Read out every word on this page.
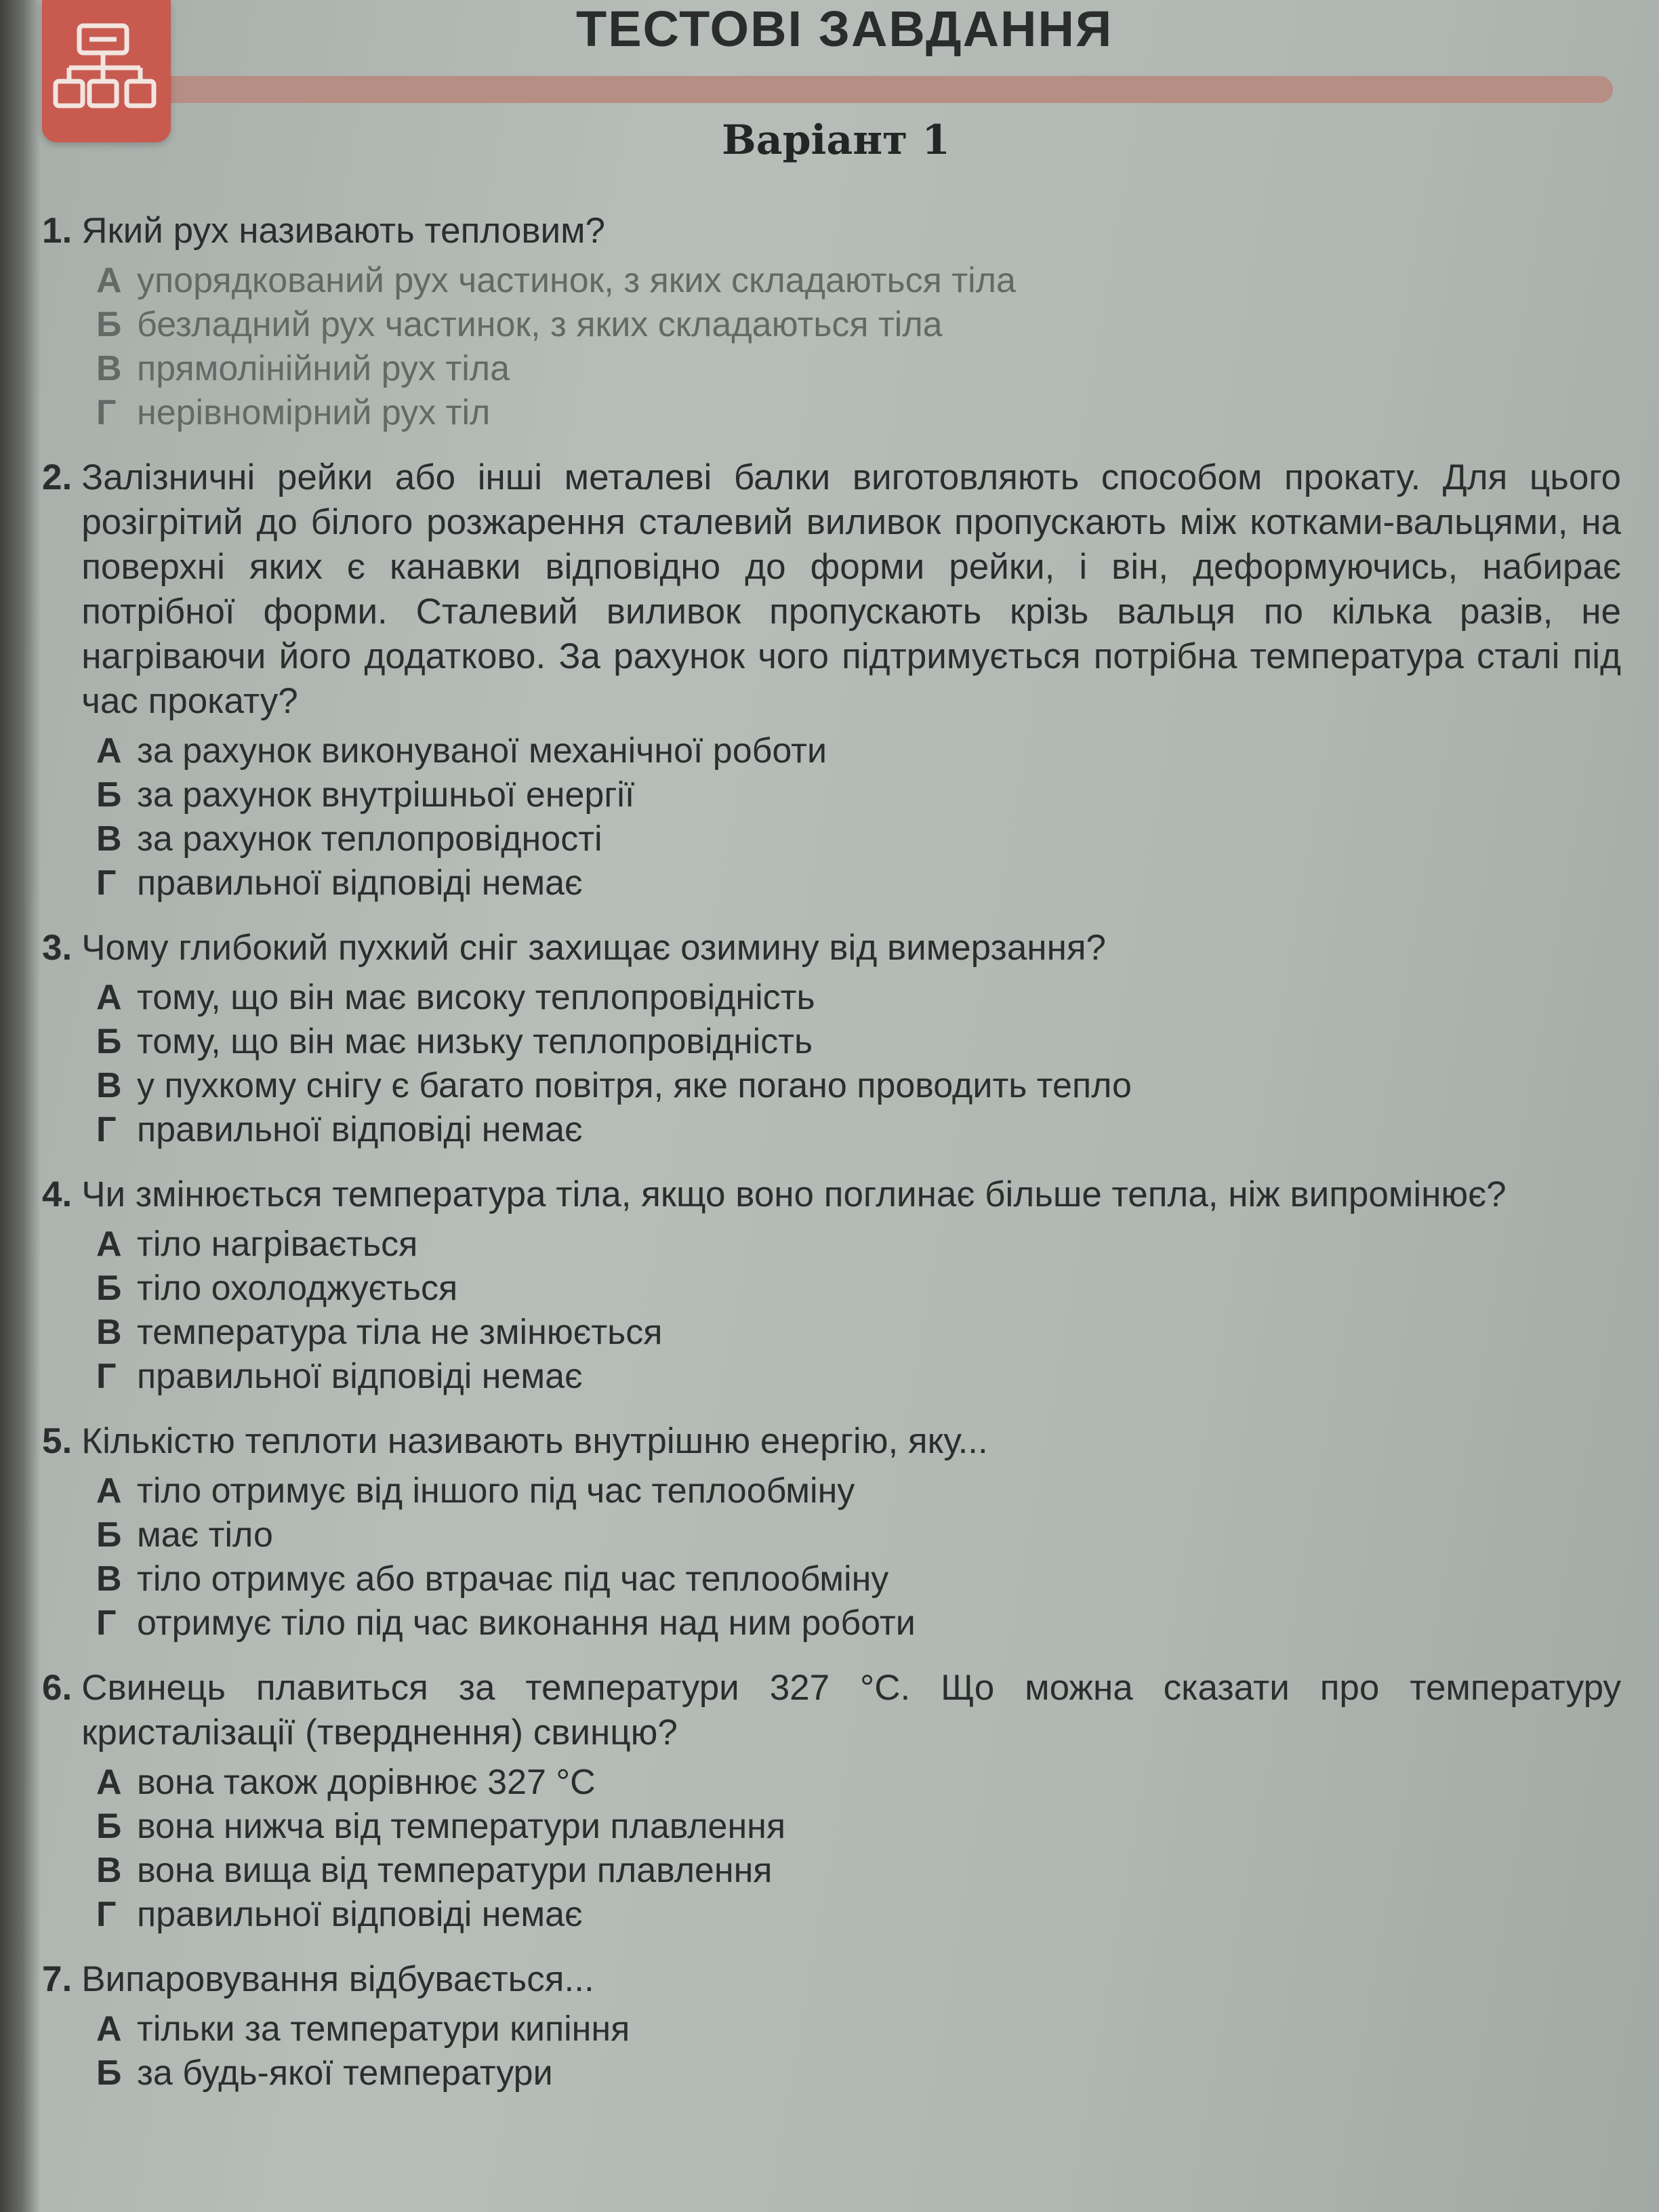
ТЕСТОВІ ЗАВДАННЯ
Варіант 1
1. Який рух називають тепловим?
А упорядкований рух частинок, з яких складаються тіла
Б безладний рух частинок, з яких складаються тіла
В прямолінійний рух тіла
Г нерівномірний рух тіл
2. Залізничні рейки або інші металеві балки виготовляють способом прокату. Для цього розігрітий до білого розжарення сталевий виливок пропускають між котками-вальцями, на поверхні яких є канавки відповідно до форми рейки, і він, деформуючись, набирає потрібної форми. Сталевий виливок пропускають крізь вальця по кілька разів, не нагріваючи його додатково. За рахунок чого підтримується потрібна температура сталі під час прокату?
А за рахунок виконуваної механічної роботи
Б за рахунок внутрішньої енергії
В за рахунок теплопровідності
Г правильної відповіді немає
3. Чому глибокий пухкий сніг захищає озимину від вимерзання?
А тому, що він має високу теплопровідність
Б тому, що він має низьку теплопровідність
В у пухкому снігу є багато повітря, яке погано проводить тепло
Г правильної відповіді немає
4. Чи змінюється температура тіла, якщо воно поглинає більше тепла, ніж випромінює?
А тіло нагрівається
Б тіло охолоджується
В температура тіла не змінюється
Г правильної відповіді немає
5. Кількістю теплоти називають внутрішню енергію, яку...
А тіло отримує від іншого під час теплообміну
Б має тіло
В тіло отримує або втрачає під час теплообміну
Г отримує тіло під час виконання над ним роботи
6. Свинець плавиться за температури 327 °С. Що можна сказати про температуру кристалізації (тверднення) свинцю?
А вона також дорівнює 327 °С
Б вона нижча від температури плавлення
В вона вища від температури плавлення
Г правильної відповіді немає
7. Випаровування відбувається...
А тільки за температури кипіння
Б за будь-якої температури
